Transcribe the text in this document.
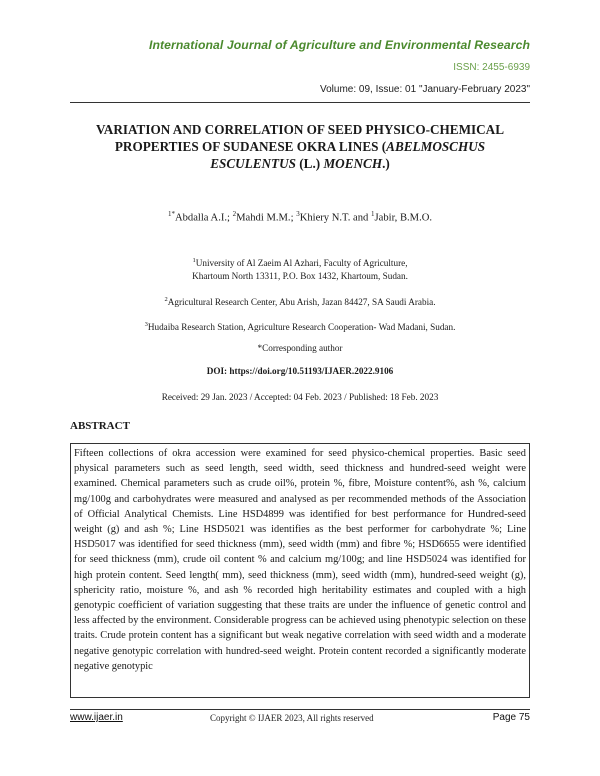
International Journal of Agriculture and Environmental Research
ISSN: 2455-6939
Volume: 09, Issue: 01 "January-February 2023"
VARIATION AND CORRELATION OF SEED PHYSICO-CHEMICAL
PROPERTIES OF SUDANESE OKRA LINES (ABELMOSCHUS
ESCULENTUS (L.) MOENCH.)
$^{1*}$Abdalla A.I.; $^2$Mahdi M.M.; $^3$Khiery N.T. and $^1$Jabir, B.M.O.
$^1$University of Al Zaeim Al Azhari, Faculty of Agriculture,
Khartoum North 13311, P.O. Box 1432, Khartoum, Sudan.
$^2$Agricultural Research Center, Abu Arish, Jazan 84427, SA Saudi Arabia.
$^3$Hudaiba Research Station, Agriculture Research Cooperation- Wad Madani, Sudan.
*Corresponding author
DOI: https://doi.org/10.51193/IJAER.2022.9106
Received: 29 Jan. 2023 / Accepted: 04 Feb. 2023 / Published: 18 Feb. 2023
ABSTRACT

Fifteen collections of okra accession were examined for seed physico-chemical properties. Basic seed physical parameters such as seed length, seed width, seed thickness and hundred-seed weight were examined. Chemical parameters such as crude oil%, protein %, fibre, Moisture content%, ash %, calcium mg/100g and carbohydrates were measured and analysed as per recommended methods of the Association of Official Analytical Chemists. Line HSD4899 was identified for best performance for Hundred-seed weight (g) and ash %; Line HSD5021 was identifies as the best performer for carbohydrate %; Line HSD5017 was identified for seed thickness (mm), seed width (mm) and fibre %; HSD6655 were identified for seed thickness (mm), crude oil content % and calcium mg/100g; and line HSD5024 was identified for high protein content. Seed length( mm), seed thickness (mm), seed width (mm), hundred-seed weight (g), sphericity ratio, moisture %, and ash % recorded high heritability estimates and coupled with a high genotypic coefficient of variation suggesting that these traits are under the influence of genetic control and less affected by the environment. Considerable progress can be achieved using phenotypic selection on these traits. Crude protein content has a significant but weak negative correlation with seed width and a moderate negative genotypic correlation with hundred-seed weight. Protein content recorded a significantly moderate negative genotypic

www.ijaer.in	Copyright © IJAER 2023, All rights reserved	Page 75
